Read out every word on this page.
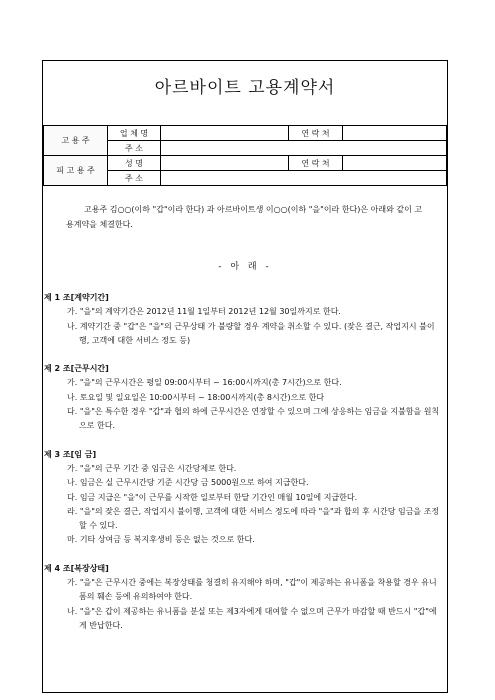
아르바이트 고용계약서
고 용 주	업 체 명		연 락 처	
	주 소			
피 고 용 주	성 명		연 락 처	
	주 소			

고용주 김○○(이하 "갑"이라 한다) 과 아르바이트생 이○○(이하 "을"이라 한다)은 아래와 같이 고용계약을 체결한다.

- 아 래 -
제 1 조[계약기간]
가. "을"의 계약기간은 2012년 11월 1일부터 2012년 12월 30일까지로 한다.
나. 계약기간 중 "갑"은 "을"의 근무상태 가 불량할 경우 계약을 취소할 수 있다. (잦은 결근, 작업지시 불이행, 고객에 대한 서비스 정도 등)
제 2 조[근무시간]
가. "을"의 근무시간은 평일 09:00시부터 ~ 16:00시까지(총 7시간)으로 한다.
나. 토요일 및 일요일은 10:00시부터 ~ 18:00시까지(총 8시간)으로 한다
다. "을"은 특수한 경우 "갑"과 협의 하에 근무시간은 연장할 수 있으며 그에 상응하는 임금을 지불함을 원칙으로 한다.
제 3 조[임 금]
가. "을"의 근무 기간 중 임금은 시간당제로 한다.
나. 임금은 실 근무시간당 기준 시간당 금 5000원으로 하여 지급한다.
다. 임금 지급은 "을"이 근무를 시작한 일로부터 한달 기간인 매월 10일에 지급한다.
라. "을"의 잦은 결근, 작업지시 불이행, 고객에 대한 서비스 정도에 따라 "을"과 합의 후 시간당 임금을 조정할 수 있다.
마. 기타 상여금 등 복지후생비 등은 없는 것으로 한다.
제 4 조[복장상태]
가. "을"은 근무시간 중에는 복장상태를 청결히 유지해야 하며, "갑"이 제공하는 유니폼을 착용할 경우 유니폼의 훼손 등에 유의하여야 한다.
나. "을"은 갑이 제공하는 유니폼을 분실 또는 제3자에게 대여할 수 없으며 근무가 마감할 때 반드시 "갑"에게 반납한다.
